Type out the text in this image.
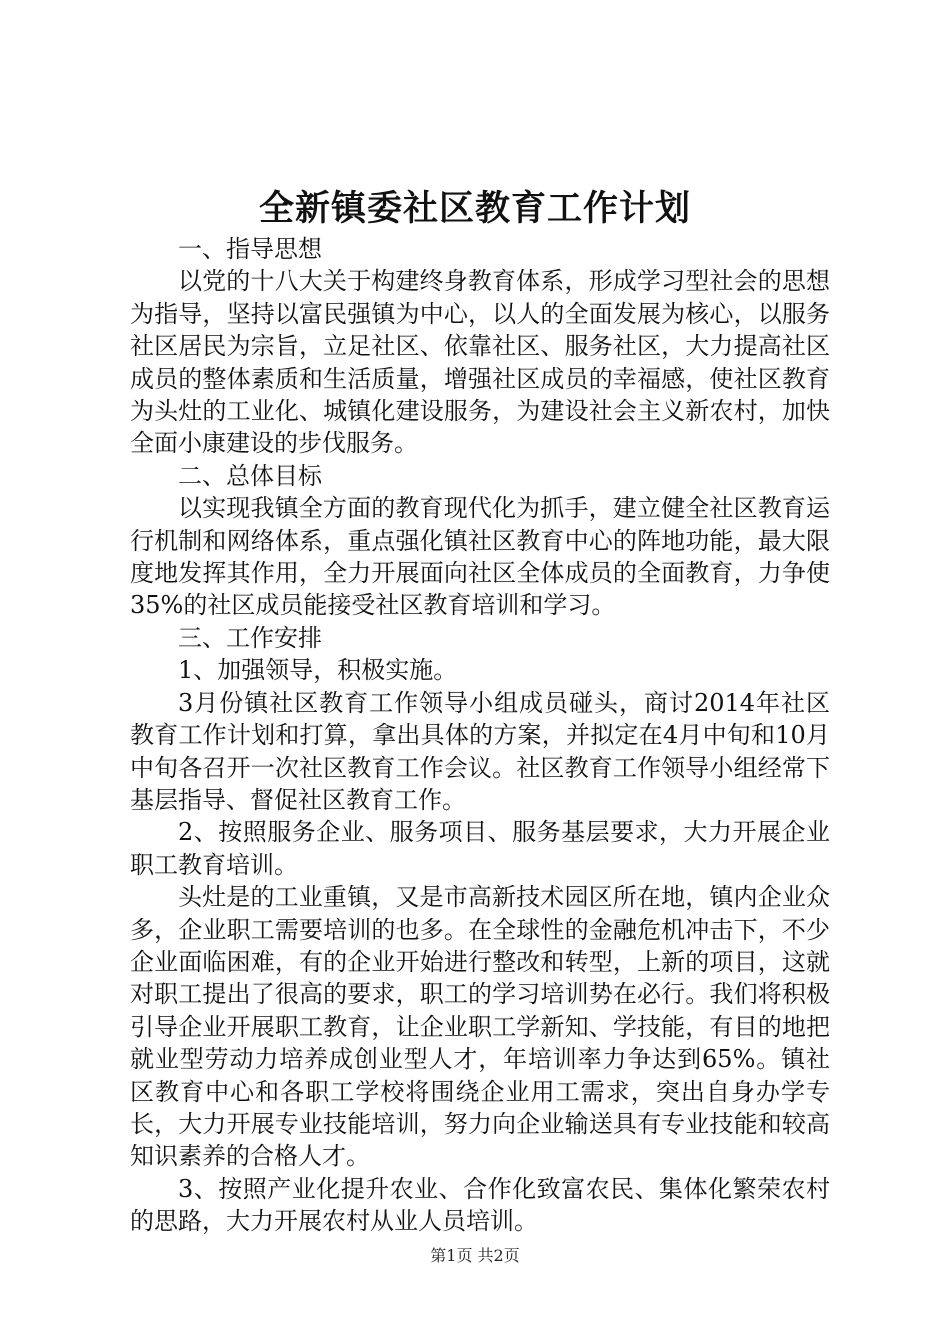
全新镇委社区教育工作计划

一、指导思想

以党的十八大关于构建终身教育体系，形成学习型社会的思想为指导，坚持以富民强镇为中心，以人的全面发展为核心，以服务社区居民为宗旨，立足社区、依靠社区、服务社区，大力提高社区成员的整体素质和生活质量，增强社区成员的幸福感，使社区教育为头灶的工业化、城镇化建设服务，为建设社会主义新农村，加快全面小康建设的步伐服务。

二、总体目标

以实现我镇全方面的教育现代化为抓手，建立健全社区教育运行机制和网络体系，重点强化镇社区教育中心的阵地功能，最大限度地发挥其作用，全力开展面向社区全体成员的全面教育，力争使35%的社区成员能接受社区教育培训和学习。

三、工作安排

1、加强领导，积极实施。

3月份镇社区教育工作领导小组成员碰头，商讨2014年社区教育工作计划和打算，拿出具体的方案，并拟定在4月中旬和10月中旬各召开一次社区教育工作会议。社区教育工作领导小组经常下基层指导、督促社区教育工作。

2、按照服务企业、服务项目、服务基层要求，大力开展企业职工教育培训。

头灶是的工业重镇，又是市高新技术园区所在地，镇内企业众多，企业职工需要培训的也多。在全球性的金融危机冲击下，不少企业面临困难，有的企业开始进行整改和转型，上新的项目，这就对职工提出了很高的要求，职工的学习培训势在必行。我们将积极引导企业开展职工教育，让企业职工学新知、学技能，有目的地把就业型劳动力培养成创业型人才，年培训率力争达到65%。镇社区教育中心和各职工学校将围绕企业用工需求，突出自身办学专长，大力开展专业技能培训，努力向企业输送具有专业技能和较高知识素养的合格人才。

3、按照产业化提升农业、合作化致富农民、集体化繁荣农村的思路，大力开展农村从业人员培训。

第1页 共2页
